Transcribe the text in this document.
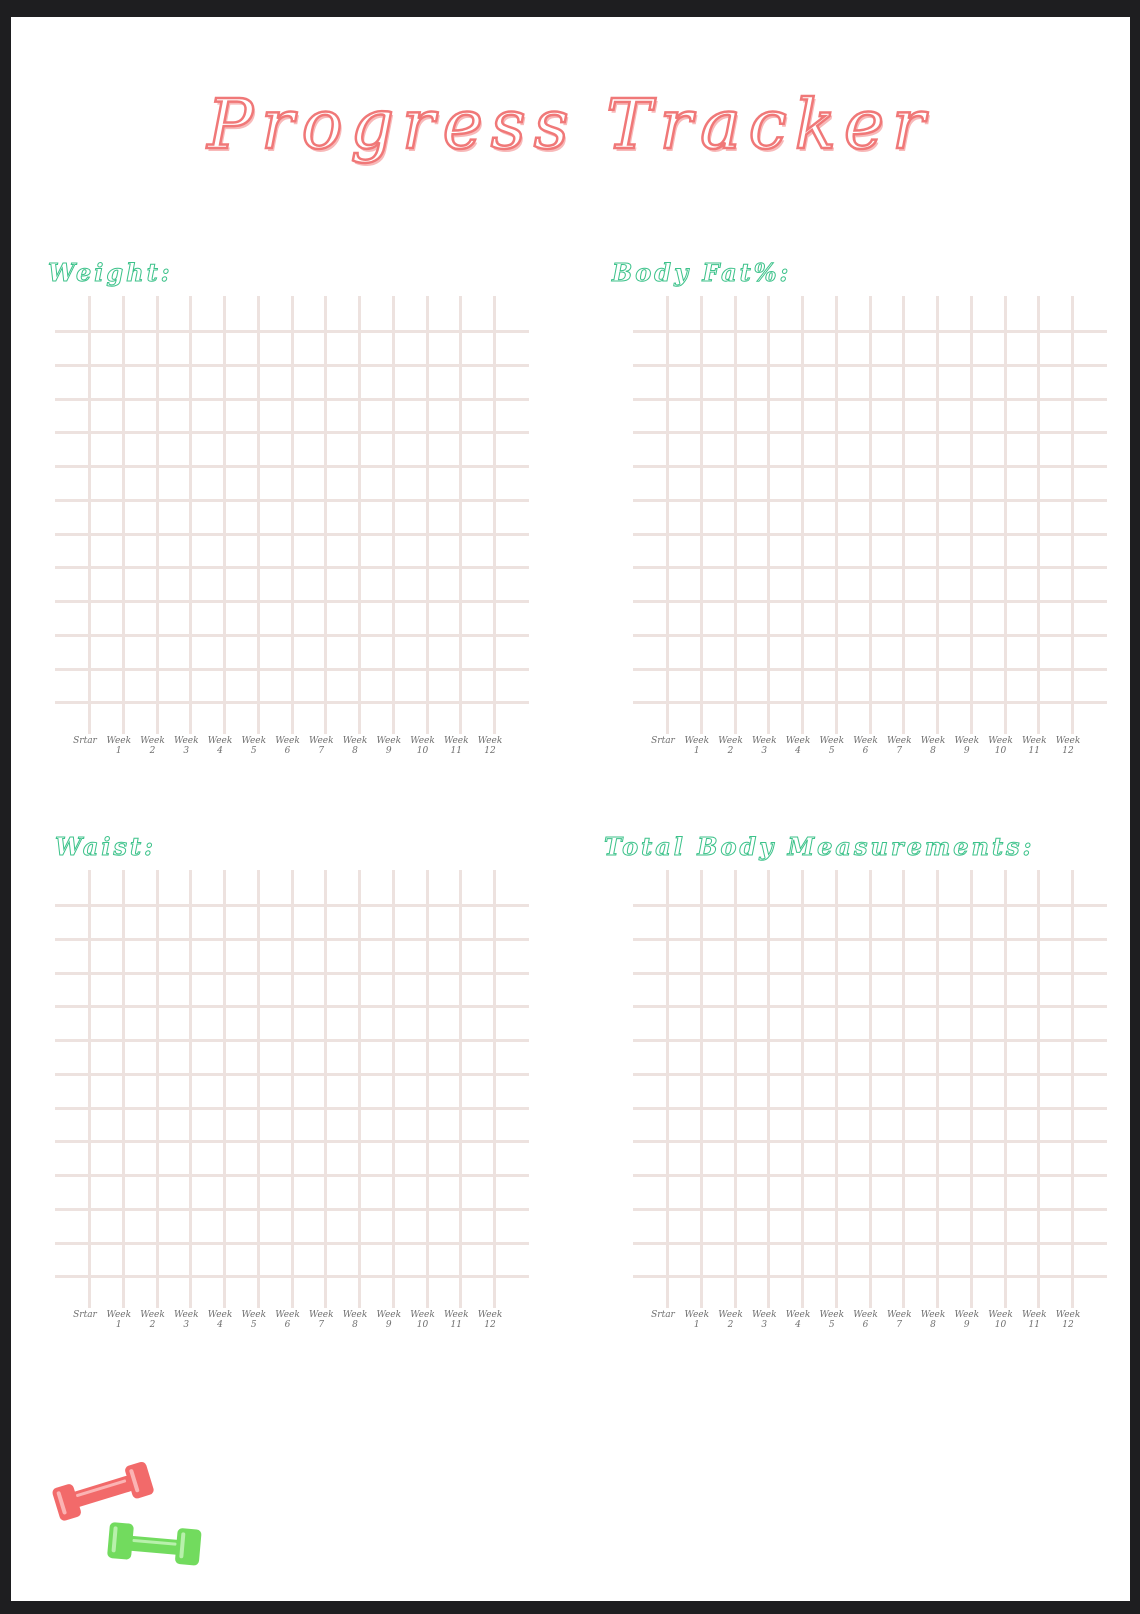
Progress Tracker
Weight:	Body Fat%:
Waist:	Total Body Measurements:
Srtar	Week
1
Week
2
Week
3
Week
4
Week
5
Week
6
Week
7
Week
8
Week
9
Week
10
Week
11
Week
12
Srtar	Week
1
Week
2
Week
3
Week
4
Week
5
Week
6
Week
7
Week
8
Week
9
Week
10
Week
11
Week
12
Srtar	Week
1
Week
2
Week
3
Week
4
Week
5
Week
6
Week
7
Week
8
Week
9
Week
10
Week
11
Week
12
Srtar	Week
1
Week
2
Week
3
Week
4
Week
5
Week
6
Week
7
Week
8
Week
9
Week
10
Week
11
Week
12
